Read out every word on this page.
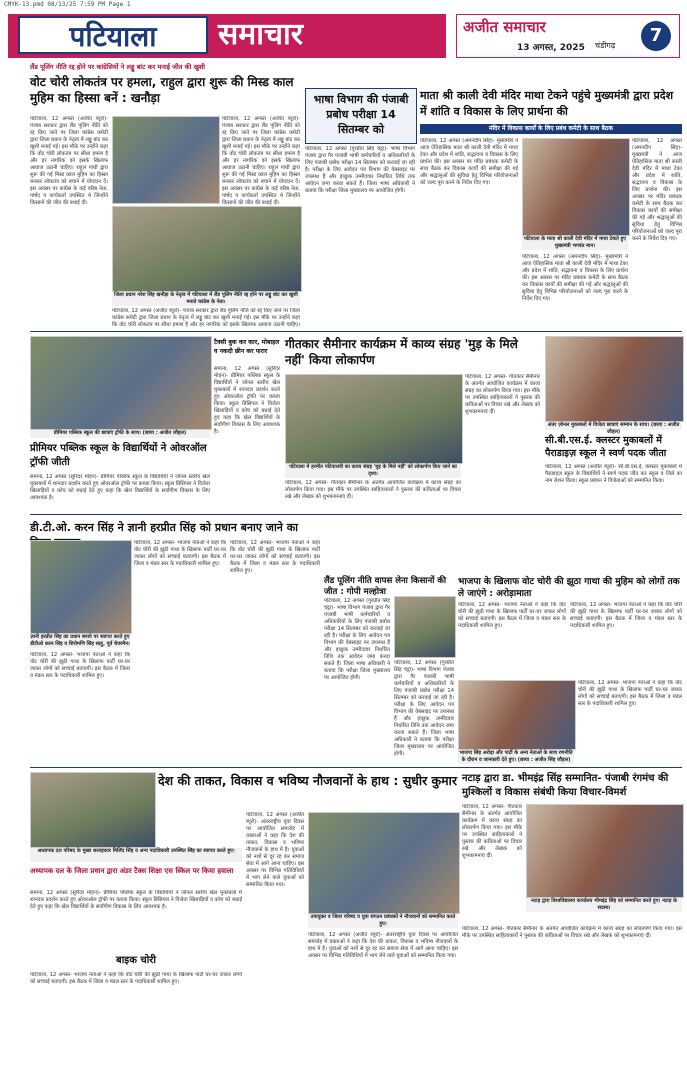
CMYK-13.pmd 08/13/25 7:59 PM Page 1
पटियाला	समाचार	अजीत समाचार
13 अगस्त, 2025 चंडीगढ़	7
लैंड पूलिंग नीति रद्द होने पर कांग्रेसियों ने लड्डू बांट कर मनाई जीत की खुशी
वोट चोरी लोकतंत्र पर हमला, राहुल द्वारा शुरू की मिस्ड काल मुहिम का हिस्सा बनें : खनौड़ा
पटियाला, 12 अगस्त (अजीत ब्यूरो)- पंजाब सरकार द्वारा लैंड पूलिंग नीति को रद्द किए जाने पर जिला कांग्रेस कमेटी द्वारा जिला प्रधान के नेतृत्व में लड्डू बांट कर खुशी मनाई गई। इस मौके पर उन्होंने कहा कि वोट चोरी लोकतंत्र पर सीधा हमला है और हर नागरिक को इसके खिलाफ आवाज उठानी चाहिए। राहुल गांधी द्वारा शुरू की गई मिस्ड काल मुहिम का हिस्सा बनकर लोकतंत्र को बचाने में योगदान दें। इस अवसर पर कांग्रेस के कई वरिष्ठ नेता, पार्षद व कार्यकर्ता उपस्थित थे जिन्होंने किसानों की जीत की बधाई दी।
पटियाला, 12 अगस्त (अजीत ब्यूरो)- पंजाब सरकार द्वारा लैंड पूलिंग नीति को रद्द किए जाने पर जिला कांग्रेस कमेटी द्वारा जिला प्रधान के नेतृत्व में लड्डू बांट कर खुशी मनाई गई। इस मौके पर उन्होंने कहा कि वोट चोरी लोकतंत्र पर सीधा हमला है और हर नागरिक को इसके खिलाफ आवाज उठानी चाहिए। राहुल गांधी द्वारा शुरू की गई मिस्ड काल मुहिम का हिस्सा बनकर लोकतंत्र को बचाने में योगदान दें। इस अवसर पर कांग्रेस के कई वरिष्ठ नेता, पार्षद व कार्यकर्ता उपस्थित थे जिन्होंने किसानों की जीत की बधाई दी।
जिला प्रधान नरेश सिंह खनौड़ा के नेतृत्व में पटियाला में लैंड पूलिंग नीति रद्द होने पर लड्डू बांट कर खुशी मनाते कांग्रेस के नेता।
पटियाला, 12 अगस्त (अजीत ब्यूरो)- पंजाब सरकार द्वारा लैंड पूलिंग नीति को रद्द किए जाने पर जिला कांग्रेस कमेटी द्वारा जिला प्रधान के नेतृत्व में लड्डू बांट कर खुशी मनाई गई। इस मौके पर उन्होंने कहा कि वोट चोरी लोकतंत्र पर सीधा हमला है और हर नागरिक को इसके खिलाफ आवाज उठानी चाहिए।
भाषा विभाग की पंजाबी प्रबोध परीक्षा 14 सितम्बर को
पटियाला, 12 अगस्त (गुरप्रीत सिंह चट्ठा)- भाषा विभाग पंजाब द्वारा गैर पंजाबी भाषी कर्मचारियों व अधिकारियों के लिए पंजाबी प्रबोध परीक्षा 14 सितम्बर को करवाई जा रही है। परीक्षा के लिए आवेदन पत्र विभाग की वेबसाइट पर उपलब्ध हैं और इच्छुक उम्मीदवार निर्धारित तिथि तक आवेदन जमा करवा सकते हैं। जिला भाषा अधिकारी ने बताया कि परीक्षा जिला मुख्यालय पर आयोजित होगी।
माता श्री काली देवी मंदिर माथा टेकने पहुंचे मुख्यमंत्री द्वारा प्रदेश में शांति व विकास के लिए प्रार्थना की
मंदिर में विकास कार्यों के लिए प्रबंध कमेटी के साथ बैठक
पटियाला, 12 अगस्त (अमनदीप सिंह)- मुख्यमंत्री ने आज ऐतिहासिक माता श्री काली देवी मंदिर में माथा टेका और प्रदेश में शांति, सद्भावना व विकास के लिए प्रार्थना की। इस अवसर पर मंदिर प्रबंधक कमेटी के साथ बैठक कर विकास कार्यों की समीक्षा की गई और श्रद्धालुओं की सुविधा हेतु विभिन्न परियोजनाओं को जल्द पूरा करने के निर्देश दिए गए।
पटियाला, 12 अगस्त (अमनदीप सिंह)- मुख्यमंत्री ने आज ऐतिहासिक माता श्री काली देवी मंदिर में माथा टेका और प्रदेश में शांति, सद्भावना व विकास के लिए प्रार्थना की। इस अवसर पर मंदिर प्रबंधक कमेटी के साथ बैठक कर विकास कार्यों की समीक्षा की गई और श्रद्धालुओं की सुविधा हेतु विभिन्न परियोजनाओं को जल्द पूरा करने के निर्देश दिए गए।
पटियाला के माता श्री काली देवी मंदिर में माथा टेकते हुए मुख्यमंत्री भगवंत मान।
पटियाला, 12 अगस्त (अमनदीप सिंह)- मुख्यमंत्री ने आज ऐतिहासिक माता श्री काली देवी मंदिर में माथा टेका और प्रदेश में शांति, सद्भावना व विकास के लिए प्रार्थना की। इस अवसर पर मंदिर प्रबंधक कमेटी के साथ बैठक कर विकास कार्यों की समीक्षा की गई और श्रद्धालुओं की सुविधा हेतु विभिन्न परियोजनाओं को जल्द पूरा करने के निर्देश दिए गए।
प्रीमियर पब्लिक स्कूल की छात्राएं ट्रॉफी के साथ। (छाया : अजीत जौहल)
टैक्सी बुक कर कार, मोबाइल व नकदी छीन कर फरार
समाना, 12 अगस्त (सुरिंदर मोहन)- प्रीमियर पब्लिक स्कूल के विद्यार्थियों ने जोनल स्तरीय खेल मुकाबलों में शानदार प्रदर्शन करते हुए ओवरऑल ट्रॉफी पर कब्जा किया। स्कूल प्रिंसिपल ने विजेता खिलाड़ियों व कोच को बधाई देते हुए कहा कि खेल विद्यार्थियों के सर्वांगीण विकास के लिए आवश्यक है।
प्रीमियर पब्लिक स्कूल के विद्यार्थियों ने ओवरऑल ट्रॉफी जीती
समाना, 12 अगस्त (सुरिंदर मोहन)- प्रीमियर पब्लिक स्कूल के विद्यार्थियों ने जोनल स्तरीय खेल मुकाबलों में शानदार प्रदर्शन करते हुए ओवरऑल ट्रॉफी पर कब्जा किया। स्कूल प्रिंसिपल ने विजेता खिलाड़ियों व कोच को बधाई देते हुए कहा कि खेल विद्यार्थियों के सर्वांगीण विकास के लिए आवश्यक है।
गीतकार सैमीनार कार्यक्रम में काव्य संग्रह 'मुड़ के मिले नहीं' किया लोकार्पण
पटियाला में हरमीत पटियालवी का काव्य संग्रह 'मुड़ के मिले नहीं' को लोकार्पण किए जाने का दृश्य।
पटियाला, 12 अगस्त- गीतकार सैमीनार के अंतर्गत आयोजित कार्यक्रम में काव्य संग्रह का लोकार्पण किया गया। इस मौके पर उपस्थित साहित्यकारों ने पुस्तक की कविताओं पर विचार रखे और लेखक को शुभकामनाएं दीं।
पटियाला, 12 अगस्त- गीतकार सैमीनार के अंतर्गत आयोजित कार्यक्रम में काव्य संग्रह का लोकार्पण किया गया। इस मौके पर उपस्थित साहित्यकारों ने पुस्तक की कविताओं पर विचार रखे और लेखक को शुभकामनाएं दीं।
अंतर ज़ोनल मुकाबलों में विजेता छात्राएं सम्मान के साथ। (छाया : अजीत जौहल)
सी.बी.एस.ई. क्लस्टर मुकाबलों में पैराडाइज़ स्कूल ने स्वर्ण पदक जीता
पटियाला, 12 अगस्त (अजीत ब्यूरो)- सी.बी.एस.ई. क्लस्टर मुकाबलों में पैराडाइज़ स्कूल के विद्यार्थियों ने स्वर्ण पदक जीत कर स्कूल व जिले का नाम रोशन किया। स्कूल प्रबंधन ने विजेताओं को सम्मानित किया।
डी.टी.ओ. करन सिंह ने ज्ञानी हरप्रीत सिंह को प्रधान बनाए जाने का
ज्ञानी हरप्रीत सिंह का प्रधान बनाये पर स्वागत करते हुए डीटीओ करन सिंह व शिरोमणि सिंह साहू, पूर्व चेयरमैन।
पटियाला, 12 अगस्त- भाजपा नेताओं ने कहा कि वोट चोरी की झूठी गाथा के खिलाफ पार्टी घर-घर जाकर लोगों को सच्चाई बताएगी। इस बैठक में जिला व मंडल स्तर के पदाधिकारी शामिल हुए।
पटियाला, 12 अगस्त- भाजपा नेताओं ने कहा कि वोट चोरी की झूठी गाथा के खिलाफ पार्टी घर-घर जाकर लोगों को सच्चाई बताएगी। इस बैठक में जिला व मंडल स्तर के पदाधिकारी शामिल हुए।
पटियाला, 12 अगस्त- भाजपा नेताओं ने कहा कि वोट चोरी की झूठी गाथा के खिलाफ पार्टी घर-घर जाकर लोगों को सच्चाई बताएगी। इस बैठक में जिला व मंडल स्तर के पदाधिकारी शामिल हुए।
लैंड पूलिंग नीति वापस लेना किसानों की जीत : गोपी मल्होत्रा
पटियाला, 12 अगस्त (गुरप्रीत सिंह चट्ठा)- भाषा विभाग पंजाब द्वारा गैर पंजाबी भाषी कर्मचारियों व अधिकारियों के लिए पंजाबी प्रबोध परीक्षा 14 सितम्बर को करवाई जा रही है। परीक्षा के लिए आवेदन पत्र विभाग की वेबसाइट पर उपलब्ध हैं और इच्छुक उम्मीदवार निर्धारित तिथि तक आवेदन जमा करवा सकते हैं। जिला भाषा अधिकारी ने बताया कि परीक्षा जिला मुख्यालय पर आयोजित होगी।
पटियाला, 12 अगस्त (गुरप्रीत सिंह चट्ठा)- भाषा विभाग पंजाब द्वारा गैर पंजाबी भाषी कर्मचारियों व अधिकारियों के लिए पंजाबी प्रबोध परीक्षा 14 सितम्बर को करवाई जा रही है। परीक्षा के लिए आवेदन पत्र विभाग की वेबसाइट पर उपलब्ध हैं और इच्छुक उम्मीदवार निर्धारित तिथि तक आवेदन जमा करवा सकते हैं। जिला भाषा अधिकारी ने बताया कि परीक्षा जिला मुख्यालय पर आयोजित होगी।
भाजपा के खिलाफ वोट चोरी की झूठा गाथा की मुहिम को लोगों तक ले जाएंगे : अरोड़ामाता
पटियाला, 12 अगस्त- भाजपा नेताओं ने कहा कि वोट चोरी की झूठी गाथा के खिलाफ पार्टी घर-घर जाकर लोगों को सच्चाई बताएगी। इस बैठक में जिला व मंडल स्तर के पदाधिकारी शामिल हुए।
पटियाला, 12 अगस्त- भाजपा नेताओं ने कहा कि वोट चोरी की झूठी गाथा के खिलाफ पार्टी घर-घर जाकर लोगों को सच्चाई बताएगी। इस बैठक में जिला व मंडल स्तर के पदाधिकारी शामिल हुए।
पटियाला, 12 अगस्त- भाजपा नेताओं ने कहा कि वोट चोरी की झूठी गाथा के खिलाफ पार्टी घर-घर जाकर लोगों को सच्चाई बताएगी। इस बैठक में जिला व मंडल स्तर के पदाधिकारी शामिल हुए।
भाजपा सिंह अरोड़ा और पार्टी के अन्य नेताओं के साथ रणनीति के दौरान व जानकारी देते हुए। (छाया : अजीत सिंह जौहल)
देश की ताकत, विकास व भविष्य नौजवानों के हाथ : सुधीर कुमार
पटियाला, 12 अगस्त (अजीत ब्यूरो)- अंतरराष्ट्रीय युवा दिवस पर आयोजित समारोह में वक्ताओं ने कहा कि देश की ताकत, विकास व भविष्य नौजवानों के हाथ में है। युवाओं को नशों से दूर रह कर समाज सेवा में आगे आना चाहिए। इस अवसर पर विभिन्न गतिविधियों में भाग लेने वाले युवाओं को सम्मानित किया गया।
उपायुक्त व जिला परिषद व युवा संगठन प्रबंधकों ने नौजवानों को सम्मानित करते हुए।
पटियाला, 12 अगस्त (अजीत ब्यूरो)- अंतरराष्ट्रीय युवा दिवस पर आयोजित समारोह में वक्ताओं ने कहा कि देश की ताकत, विकास व भविष्य नौजवानों के हाथ में है। युवाओं को नशों से दूर रह कर समाज सेवा में आगे आना चाहिए। इस अवसर पर विभिन्न गतिविधियों में भाग लेने वाले युवाओं को सम्मानित किया गया।
अध्यापक दल परिषद के मुख्य सलाहकार मिलिंद सिंह व अन्य पदाधिकारी उपस्थित सिंह का स्वागत करते हुए।
अध्यापक दल के जिला प्रधान द्वारा अंडर टैक्स शिक्षा एस स्किल पर किया हवाला
समाना, 12 अगस्त (सुरिंदर मोहन)- प्रीमियर पब्लिक स्कूल के विद्यार्थियों ने जोनल स्तरीय खेल मुकाबलों में शानदार प्रदर्शन करते हुए ओवरऑल ट्रॉफी पर कब्जा किया। स्कूल प्रिंसिपल ने विजेता खिलाड़ियों व कोच को बधाई देते हुए कहा कि खेल विद्यार्थियों के सर्वांगीण विकास के लिए आवश्यक है।
बाइक चोरी
पटियाला, 12 अगस्त- भाजपा नेताओं ने कहा कि वोट चोरी की झूठी गाथा के खिलाफ पार्टी घर-घर जाकर लोगों को सच्चाई बताएगी। इस बैठक में जिला व मंडल स्तर के पदाधिकारी शामिल हुए।
नटाड़ द्वारा डा. भीमइंद्र सिंह सम्मानित- पंजाबी रंगमंच की मुश्किलों व विकास संबंधी किया विचार-विमर्श
पटियाला, 12 अगस्त- गीतकार सैमीनार के अंतर्गत आयोजित कार्यक्रम में काव्य संग्रह का लोकार्पण किया गया। इस मौके पर उपस्थित साहित्यकारों ने पुस्तक की कविताओं पर विचार रखे और लेखक को शुभकामनाएं दीं।
नटाड़ द्वारा विश्वविद्यालय कार्यालय भीमइंद्र सिंह को सम्मानित करते हुए। नटाड़ के सदस्य।
पटियाला, 12 अगस्त- गीतकार सैमीनार के अंतर्गत आयोजित कार्यक्रम में काव्य संग्रह का लोकार्पण किया गया। इस मौके पर उपस्थित साहित्यकारों ने पुस्तक की कविताओं पर विचार रखे और लेखक को शुभकामनाएं दीं।
